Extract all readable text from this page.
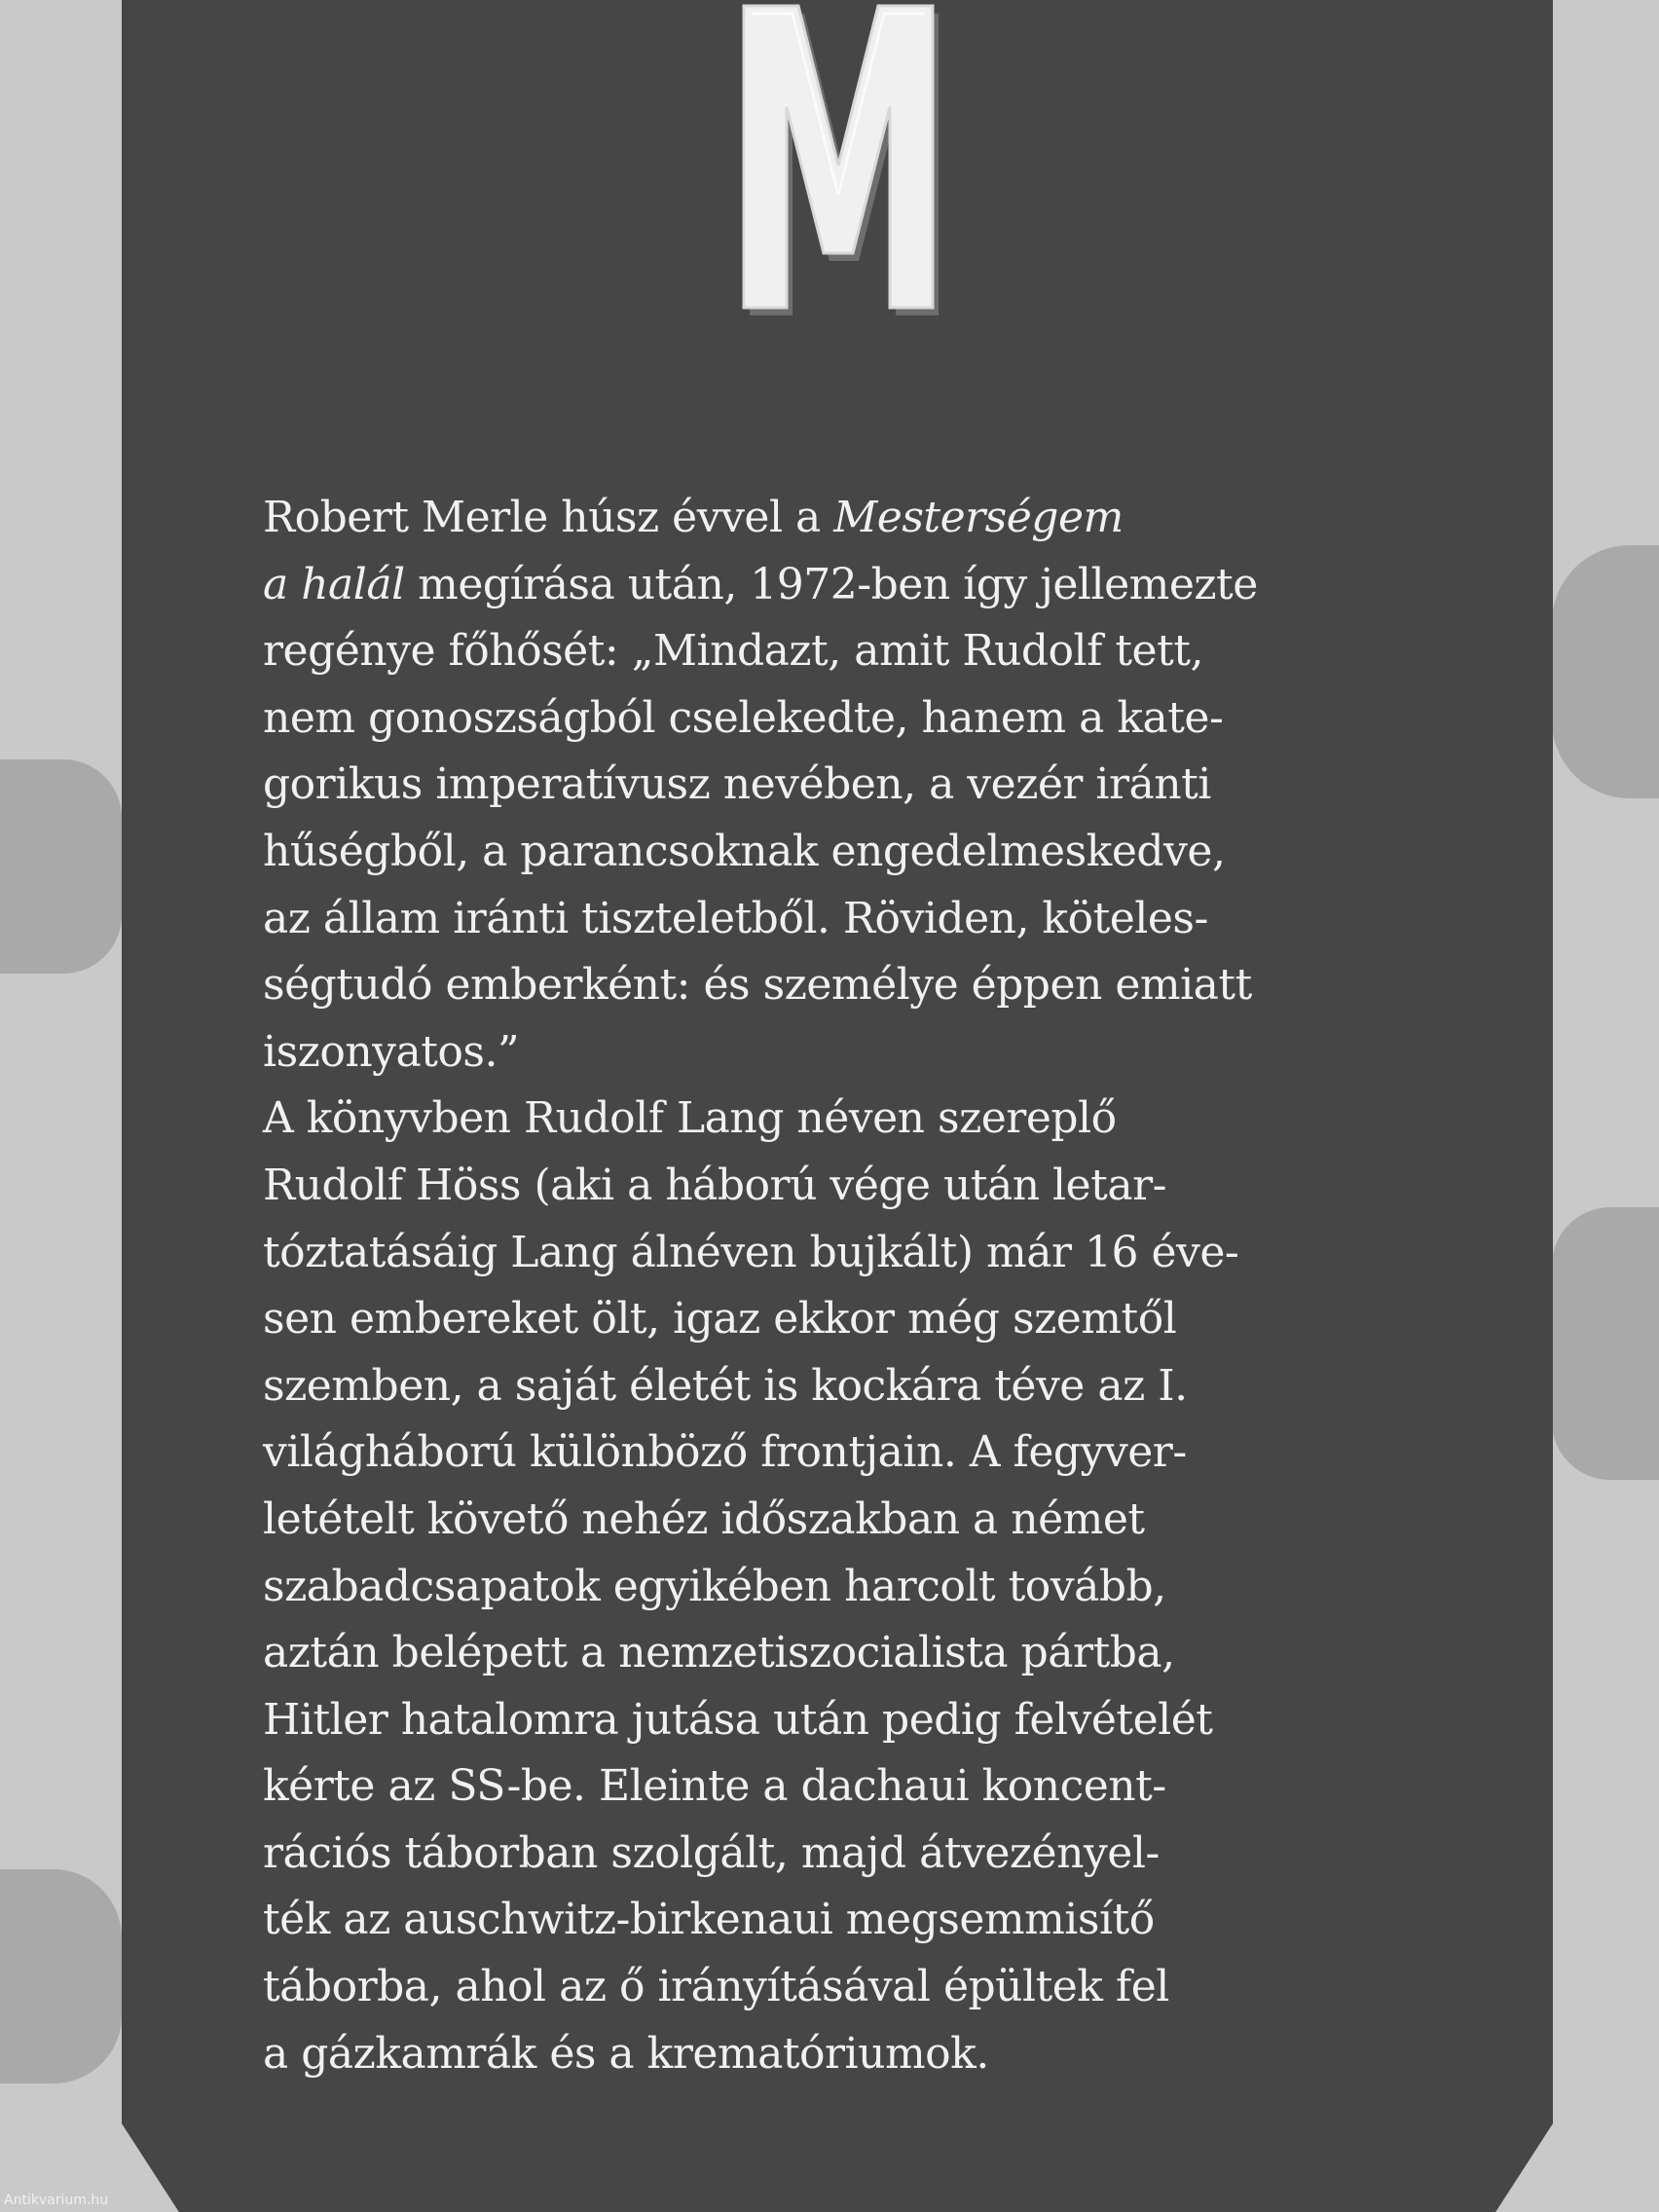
Robert Merle húsz évvel a Mesterségem
a halál megírása után, 1972-ben így jellemezte
regénye főhősét: „Mindazt, amit Rudolf tett,
nem gonoszságból cselekedte, hanem a kate-
gorikus imperatívusz nevében, a vezér iránti
hűségből, a parancsoknak engedelmeskedve,
az állam iránti tiszteletből. Röviden, köteles-
ségtudó emberként: és személye éppen emiatt
iszonyatos.”
A könyvben Rudolf Lang néven szereplő
Rudolf Höss (aki a háború vége után letar-
tóztatásáig Lang álnéven bujkált) már 16 éve-
sen embereket ölt, igaz ekkor még szemtől
szemben, a saját életét is kockára téve az I.
világháború különböző frontjain. A fegyver-
letételt követő nehéz időszakban a német
szabadcsapatok egyikében harcolt tovább,
aztán belépett a nemzetiszocialista pártba,
Hitler hatalomra jutása után pedig felvételét
kérte az SS-be. Eleinte a dachaui koncent-
rációs táborban szolgált, majd átvezényel-
ték az auschwitz-birkenaui megsemmisítő
táborba, ahol az ő irányításával épültek fel
a gázkamrák és a krematóriumok.
Antikvarium.hu
